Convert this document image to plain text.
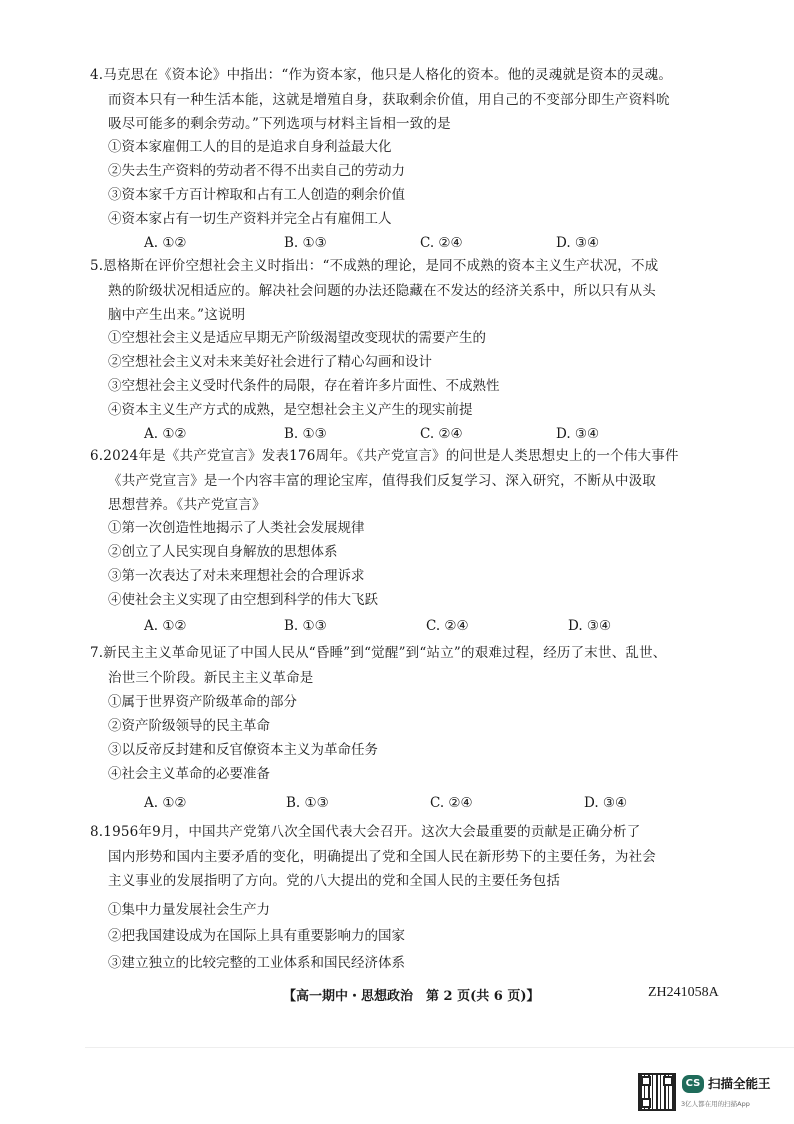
4.马克思在《资本论》中指出：“作为资本家，他只是人格化的资本。他的灵魂就是资本的灵魂。
而资本只有一种生活本能，这就是增殖自身，获取剩余价值，用自己的不变部分即生产资料吮
吸尽可能多的剩余劳动。”下列选项与材料主旨相一致的是
①资本家雇佣工人的目的是追求自身利益最大化
②失去生产资料的劳动者不得不出卖自己的劳动力
③资本家千方百计榨取和占有工人创造的剩余价值
④资本家占有一切生产资料并完全占有雇佣工人
A. ①②	B. ①③	C. ②④	D. ③④
5.恩格斯在评价空想社会主义时指出：“不成熟的理论，是同不成熟的资本主义生产状况，不成
熟的阶级状况相适应的。解决社会问题的办法还隐藏在不发达的经济关系中，所以只有从头
脑中产生出来。”这说明
①空想社会主义是适应早期无产阶级渴望改变现状的需要产生的
②空想社会主义对未来美好社会进行了精心勾画和设计
③空想社会主义受时代条件的局限，存在着许多片面性、不成熟性
④资本主义生产方式的成熟，是空想社会主义产生的现实前提
A. ①②	B. ①③	C. ②④	D. ③④
6.2024年是《共产党宣言》发表176周年。《共产党宣言》的问世是人类思想史上的一个伟大事件
《共产党宣言》是一个内容丰富的理论宝库，值得我们反复学习、深入研究，不断从中汲取
思想营养。《共产党宣言》
①第一次创造性地揭示了人类社会发展规律
②创立了人民实现自身解放的思想体系
③第一次表达了对未来理想社会的合理诉求
④使社会主义实现了由空想到科学的伟大飞跃
A. ①②	B. ①③	C. ②④	D. ③④
7.新民主主义革命见证了中国人民从“昏睡”到“觉醒”到“站立”的艰难过程，经历了末世、乱世、
治世三个阶段。新民主主义革命是
①属于世界资产阶级革命的部分
②资产阶级领导的民主革命
③以反帝反封建和反官僚资本主义为革命任务
④社会主义革命的必要准备
A. ①②	B. ①③	C. ②④	D. ③④
8.1956年9月，中国共产党第八次全国代表大会召开。这次大会最重要的贡献是正确分析了
国内形势和国内主要矛盾的变化，明确提出了党和全国人民在新形势下的主要任务，为社会
主义事业的发展指明了方向。党的八大提出的党和全国人民的主要任务包括
①集中力量发展社会生产力
②把我国建设成为在国际上具有重要影响力的国家
③建立独立的比较完整的工业体系和国民经济体系
【高一期中・思想政治　第 2 页(共 6 页)】	ZH241058A
CS 扫描全能王
3亿人都在用的扫描App
